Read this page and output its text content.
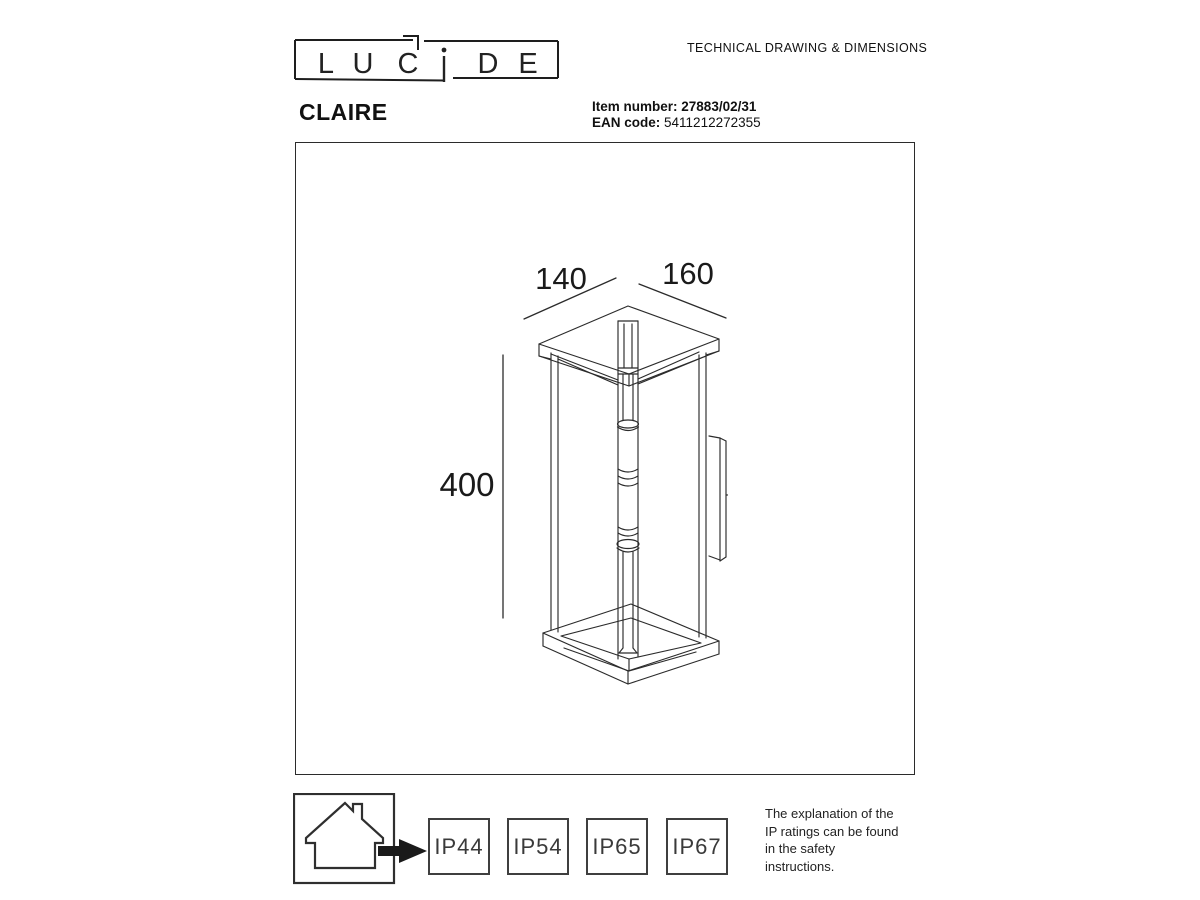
L U C D E	TECHNICAL DRAWING & DIMENSIONS
CLAIRE	Item number: 27883/02/31
EAN code: 5411212272355
140 160
400
IP44 IP54 IP65 IP67
The explanation of the
IP ratings can be found
in the safety
instructions.
